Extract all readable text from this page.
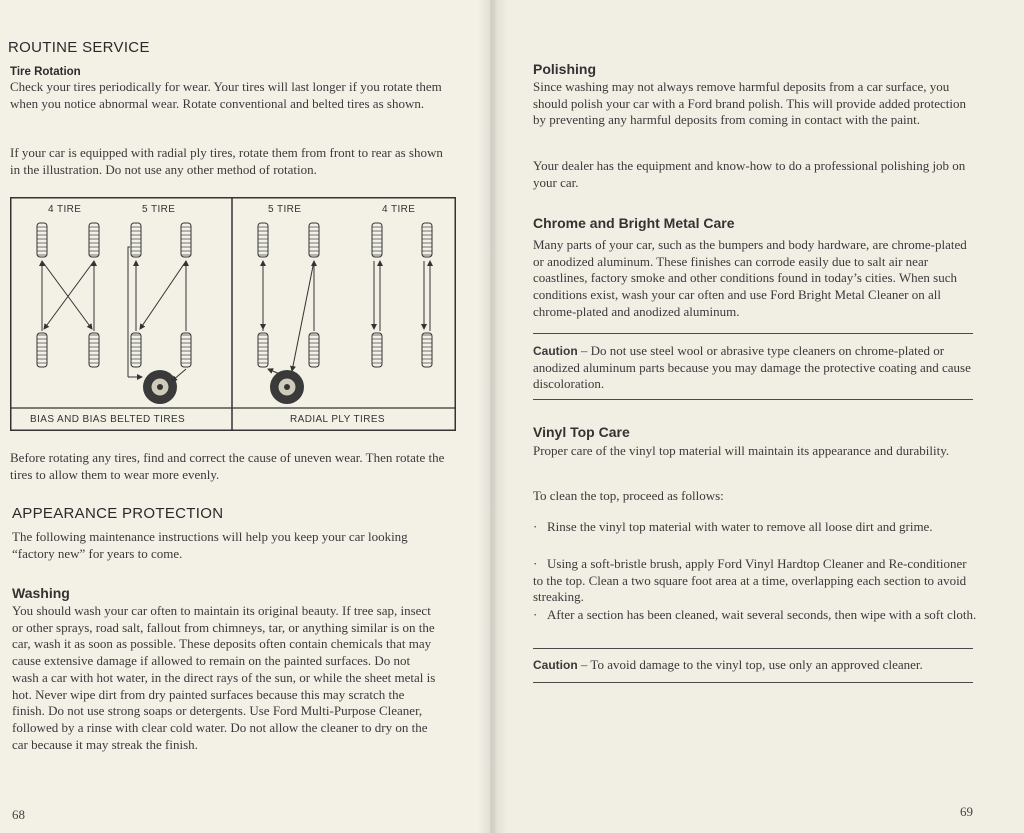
ROUTINE SERVICE
Tire Rotation

Check your tires periodically for wear. Your tires will last longer if you rotate them when you notice abnormal wear. Rotate conventional and belted tires as shown.

If your car is equipped with radial ply tires, rotate them from front to rear as shown in the illustration. Do not use any other method of rotation.

4 TIRE	5 TIRE	5 TIRE	4 TIRE
BIAS AND BIAS BELTED TIRES	RADIAL PLY TIRES

Before rotating any tires, find and correct the cause of uneven wear. Then rotate the tires to allow them to wear more evenly.

APPEARANCE PROTECTION

The following maintenance instructions will help you keep your car looking “factory new” for years to come.

Washing

You should wash your car often to maintain its original beauty. If tree sap, insect or other sprays, road salt, fallout from chimneys, tar, or anything similar is on the car, wash it as soon as possible. These deposits often contain chemicals that may cause extensive damage if allowed to remain on the painted surfaces. Do not wash a car with hot water, in the direct rays of the sun, or while the sheet metal is hot. Never wipe dirt from dry painted surfaces because this may scratch the finish. Do not use strong soaps or detergents. Use Ford Multi-Purpose Cleaner, followed by a rinse with clear cold water. Do not allow the cleaner to dry on the car because it may streak the finish.

68
Polishing

Since washing may not always remove harmful deposits from a car surface, you should polish your car with a Ford brand polish. This will provide added protection by preventing any harmful deposits from coming in contact with the paint.

Your dealer has the equipment and know-how to do a professional polishing job on your car.

Chrome and Bright Metal Care

Many parts of your car, such as the bumpers and body hardware, are chrome-plated or anodized aluminum. These finishes can corrode easily due to salt air near coastlines, factory smoke and other conditions found in today’s cities. When such conditions exist, wash your car often and use Ford Bright Metal Cleaner on all chrome-plated and anodized aluminum.

Caution – Do not use steel wool or abrasive type cleaners on chrome-plated or anodized aluminum parts because you may damage the protective coating and cause discoloration.

Vinyl Top Care

Proper care of the vinyl top material will maintain its appearance and durability.

To clean the top, proceed as follows:

· Rinse the vinyl top material with water to remove all loose dirt and grime.

· Using a soft-bristle brush, apply Ford Vinyl Hardtop Cleaner and Re-conditioner to the top. Clean a two square foot area at a time, overlapping each section to avoid streaking.

· After a section has been cleaned, wait several seconds, then wipe with a soft cloth.

Caution – To avoid damage to the vinyl top, use only an approved cleaner.

69
